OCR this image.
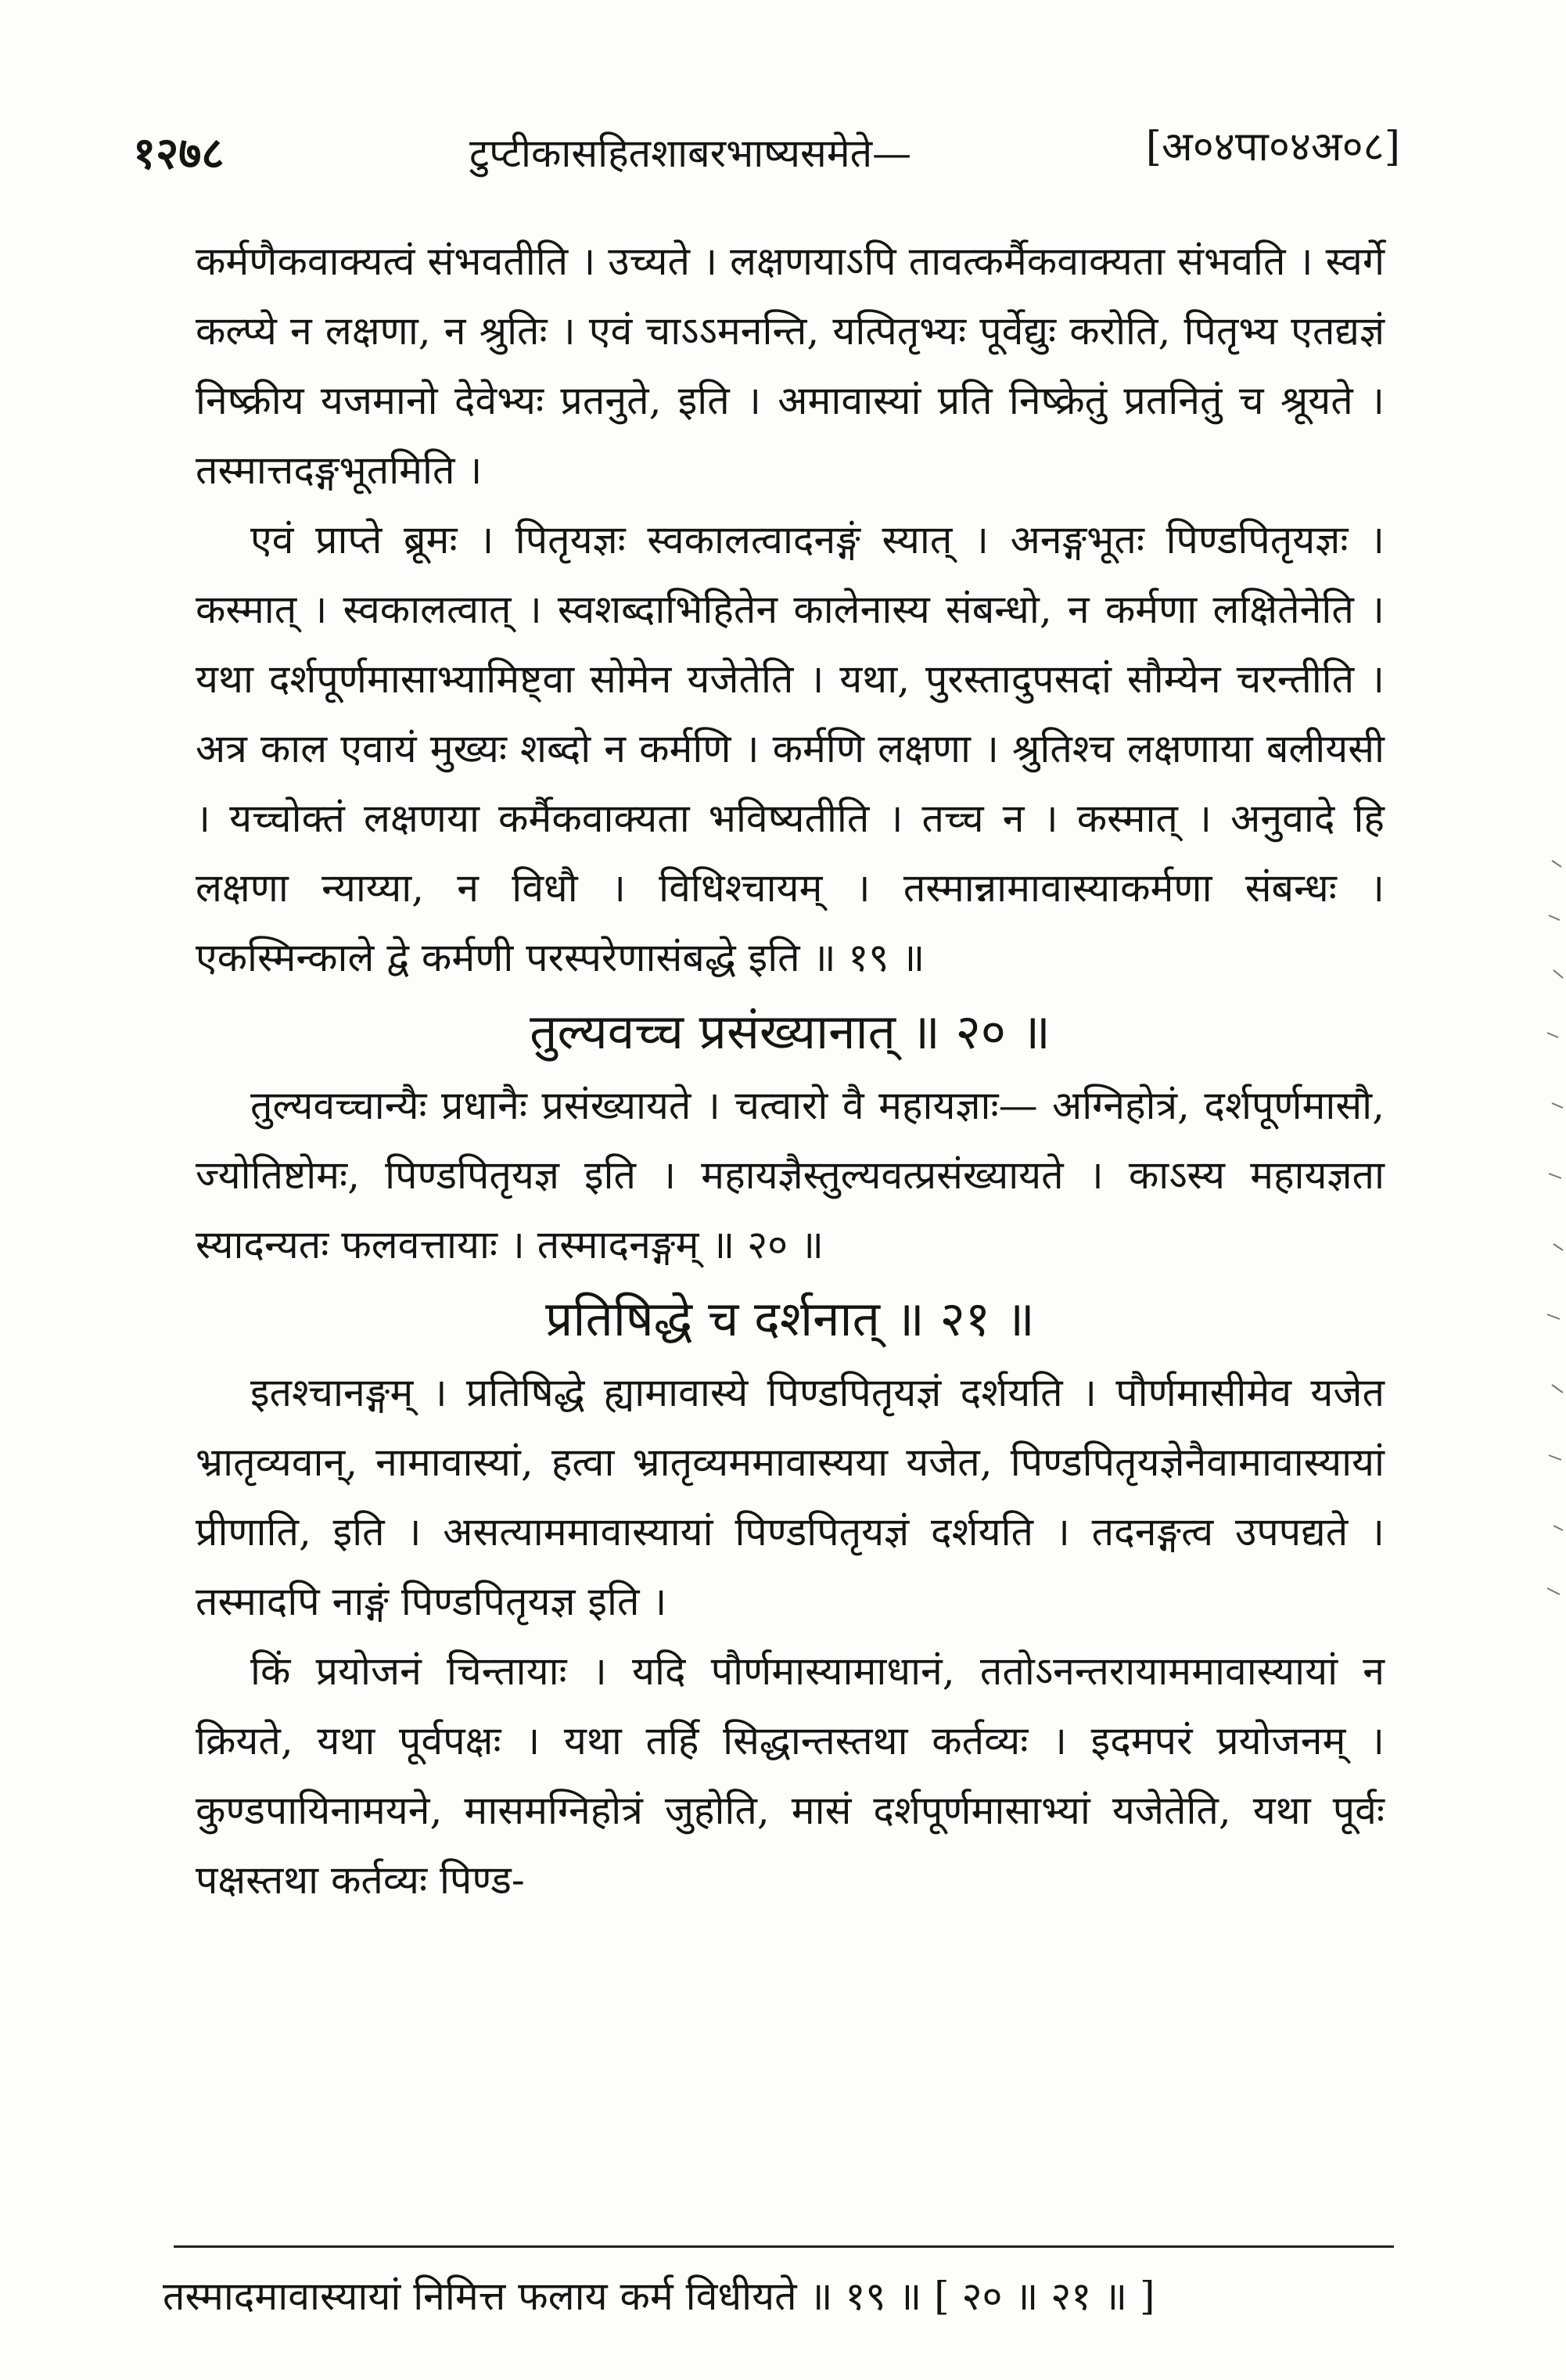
१२७८	टुप्टीकासहितशाबरभाष्यसमेते—	[अ०४पा०४अ०८]

कर्मणैकवाक्यत्वं संभवतीति । उच्यते । लक्षणयाऽपि तावत्कर्मैकवाक्यता संभवति । स्वर्गे कल्प्ये न लक्षणा, न श्रुतिः । एवं चाऽऽमनन्ति, यत्पितृभ्यः पूर्वेद्युः करोति, पितृभ्य एतद्यज्ञं निष्क्रीय यजमानो देवेभ्यः प्रतनुते, इति । अमावास्यां प्रति निष्क्रेतुं प्रतनितुं च श्रूयते । तस्मात्तदङ्गभूतमिति ।

एवं प्राप्ते ब्रूमः । पितृयज्ञः स्वकालत्वादनङ्गं स्यात् । अनङ्गभूतः पिण्डपितृयज्ञः । कस्मात् । स्वकालत्वात् । स्वशब्दाभिहितेन कालेनास्य संबन्धो, न कर्मणा लक्षितेनेति । यथा दर्शपूर्णमासाभ्यामिष्ट्वा सोमेन यजेतेति । यथा, पुरस्तादुपसदां सौम्येन चरन्तीति । अत्र काल एवायं मुख्यः शब्दो न कर्मणि । कर्मणि लक्षणा । श्रुतिश्च लक्षणाया बलीयसी । यच्चोक्तं लक्षणया कर्मैकवाक्यता भविष्यतीति । तच्च न । कस्मात् । अनुवादे हि लक्षणा न्याय्या, न विधौ । विधिश्चायम् । तस्मान्नामावास्याकर्मणा संबन्धः । एकस्मिन्काले द्वे कर्मणी परस्परेणासंबद्धे इति ॥ १९ ॥

तुल्यवच्च प्रसंख्यानात् ॥ २० ॥

तुल्यवच्चान्यैः प्रधानैः प्रसंख्यायते । चत्वारो वै महायज्ञाः— अग्निहोत्रं, दर्शपूर्णमासौ, ज्योतिष्टोमः, पिण्डपितृयज्ञ इति । महायज्ञैस्तुल्यवत्प्रसंख्यायते । काऽस्य महायज्ञता स्यादन्यतः फलवत्तायाः । तस्मादनङ्गम् ॥ २० ॥

प्रतिषिद्धे च दर्शनात् ॥ २१ ॥

इतश्चानङ्गम् । प्रतिषिद्धे ह्यामावास्ये पिण्डपितृयज्ञं दर्शयति । पौर्णमासीमेव यजेत भ्रातृव्यवान्, नामावास्यां, हत्वा भ्रातृव्यममावास्यया यजेत, पिण्डपितृयज्ञेनैवामावास्यायां प्रीणाति, इति । असत्याममावास्यायां पिण्डपितृयज्ञं दर्शयति । तदनङ्गत्व उपपद्यते । तस्मादपि नाङ्गं पिण्डपितृयज्ञ इति ।

किं प्रयोजनं चिन्तायाः । यदि पौर्णमास्यामाधानं, ततोऽनन्तरायाममावास्यायां न क्रियते, यथा पूर्वपक्षः । यथा तर्हि सिद्धान्तस्तथा कर्तव्यः । इदमपरं प्रयोजनम् । कुण्डपायिनामयने, मासमग्निहोत्रं जुहोति, मासं दर्शपूर्णमासाभ्यां यजेतेति, यथा पूर्वः पक्षस्तथा कर्तव्यः पिण्ड-

तस्मादमावास्यायां निमित्त फलाय कर्म विधीयते ॥ १९ ॥ [ २० ॥ २१ ॥ ]
